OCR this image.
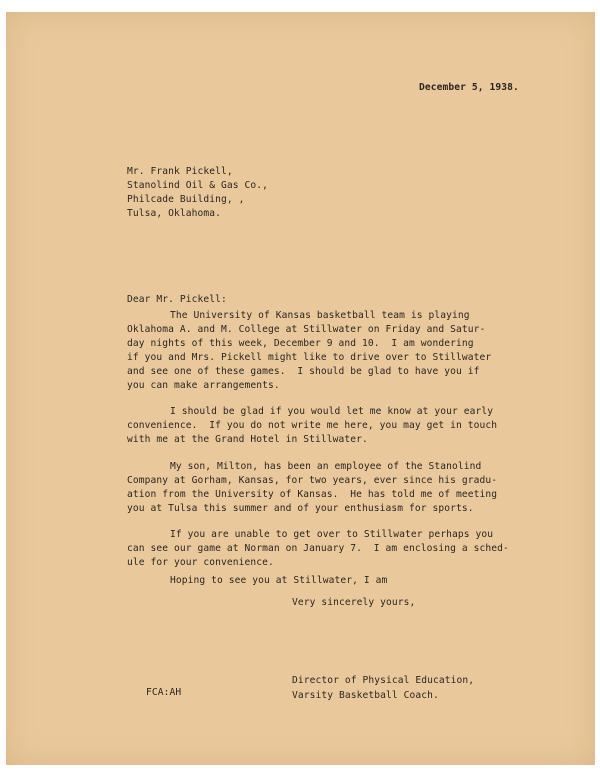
December 5, 1938.
Mr. Frank Pickell,
Stanolind Oil & Gas Co.,
Philcade Building, ,
Tulsa, Oklahoma.
Dear Mr. Pickell:
The University of Kansas basketball team is playing
Oklahoma A. and M. College at Stillwater on Friday and Satur-
day nights of this week, December 9 and 10.  I am wondering
if you and Mrs. Pickell might like to drive over to Stillwater
and see one of these games.  I should be glad to have you if
you can make arrangements.
I should be glad if you would let me know at your early
convenience.  If you do not write me here, you may get in touch
with me at the Grand Hotel in Stillwater.
My son, Milton, has been an employee of the Stanolind
Company at Gorham, Kansas, for two years, ever since his gradu-
ation from the University of Kansas.  He has told me of meeting
you at Tulsa this summer and of your enthusiasm for sports.
If you are unable to get over to Stillwater perhaps you
can see our game at Norman on January 7.  I am enclosing a sched-
ule for your convenience.
Hoping to see you at Stillwater, I am
Very sincerely yours,
FCA:AH
Director of Physical Education,
Varsity Basketball Coach.
